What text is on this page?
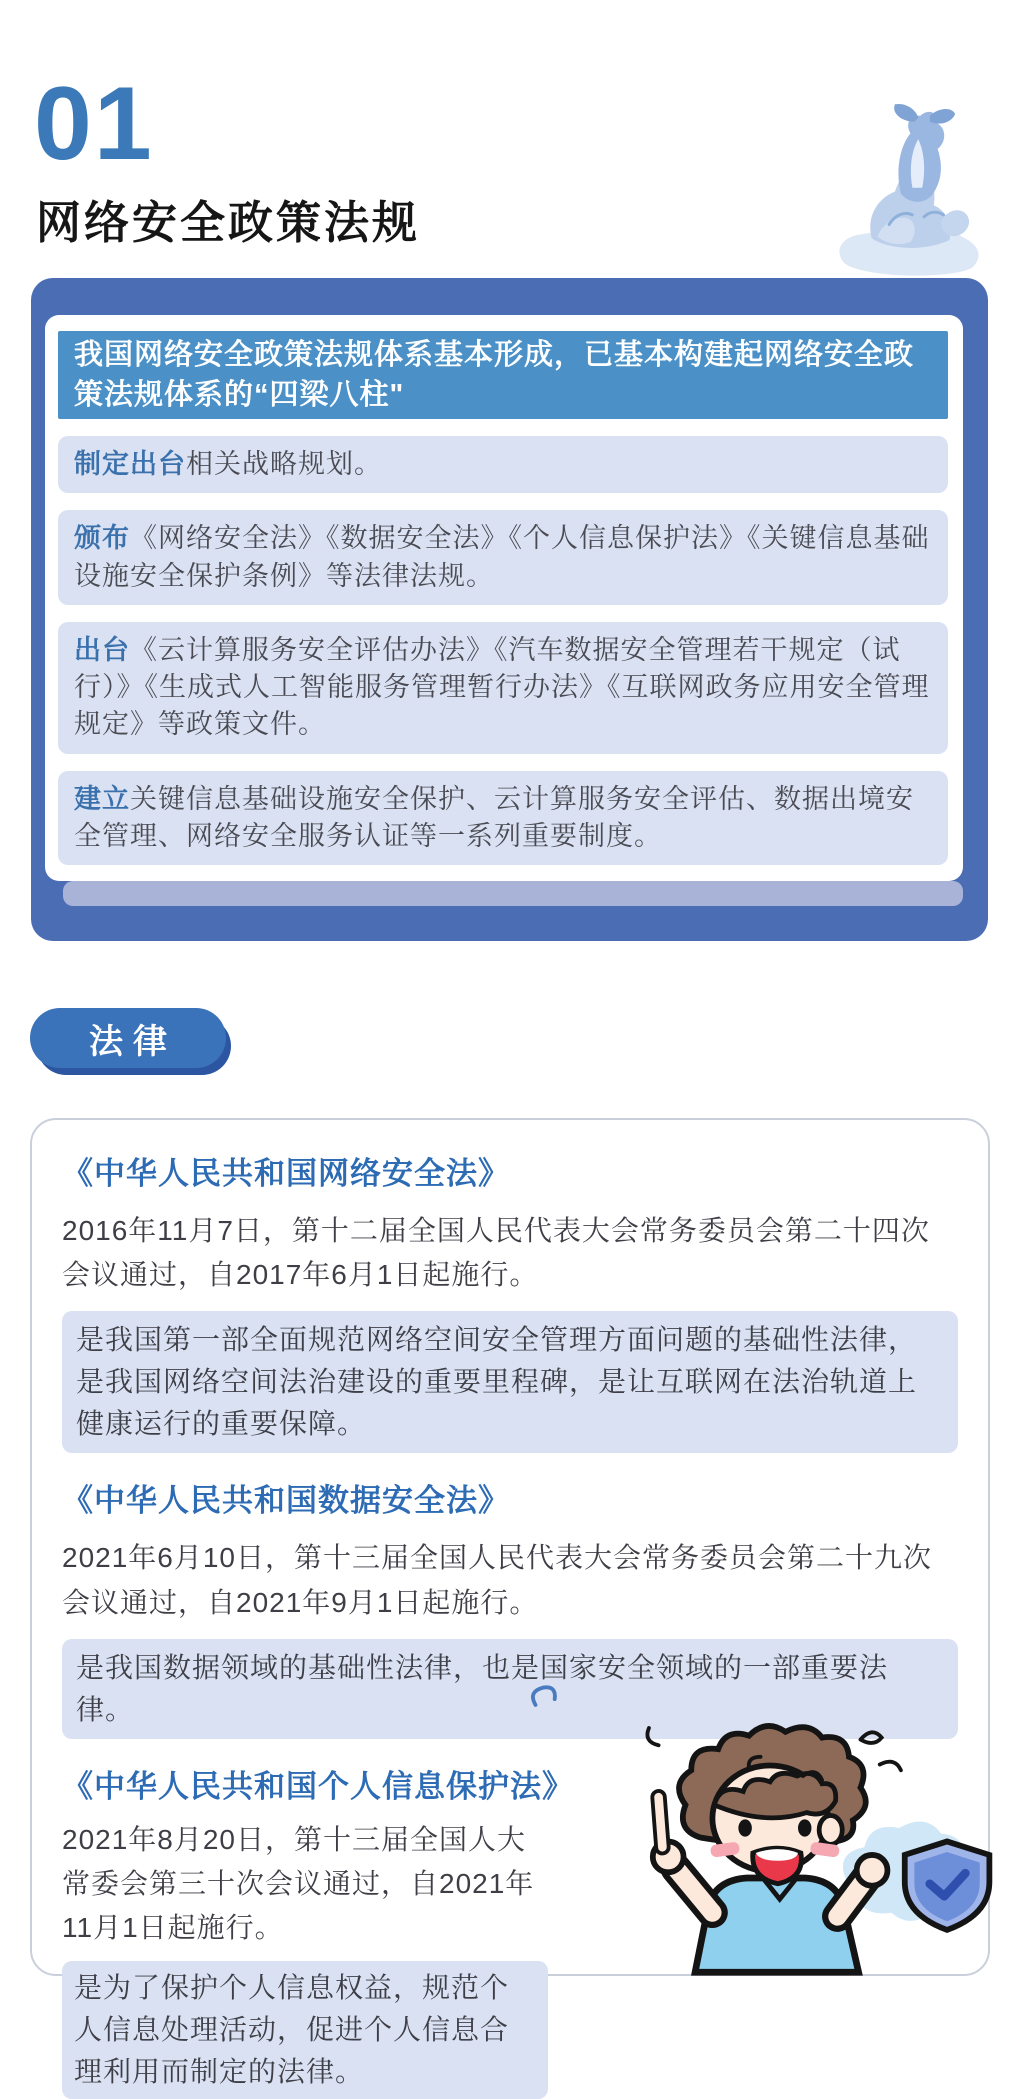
01
网络安全政策法规
我国网络安全政策法规体系基本形成，已基本构建起网络安全政策法规体系的“四梁八柱"
制定出台相关战略规划。
颁布《网络安全法》《数据安全法》《个人信息保护法》《关键信息基础设施安全保护条例》等法律法规。
出台《云计算服务安全评估办法》《汽车数据安全管理若干规定（试行）》《生成式人工智能服务管理暂行办法》《互联网政务应用安全管理规定》等政策文件。
建立关键信息基础设施安全保护、云计算服务安全评估、数据出境安全管理、网络安全服务认证等一系列重要制度。
法律
《中华人民共和国网络安全法》

2016年11月7日，第十二届全国人民代表大会常务委员会第二十四次会议通过，自2017年6月1日起施行。

是我国第一部全面规范网络空间安全管理方面问题的基础性法律，是我国网络空间法治建设的重要里程碑，是让互联网在法治轨道上健康运行的重要保障。
《中华人民共和国数据安全法》

2021年6月10日，第十三届全国人民代表大会常务委员会第二十九次会议通过，自2021年9月1日起施行。

是我国数据领域的基础性法律，也是国家安全领域的一部重要法律。
《中华人民共和国个人信息保护法》

2021年8月20日，第十三届全国人大常委会第三十次会议通过，自2021年11月1日起施行。

是为了保护个人信息权益，规范个人信息处理活动，促进个人信息合理利用而制定的法律。
